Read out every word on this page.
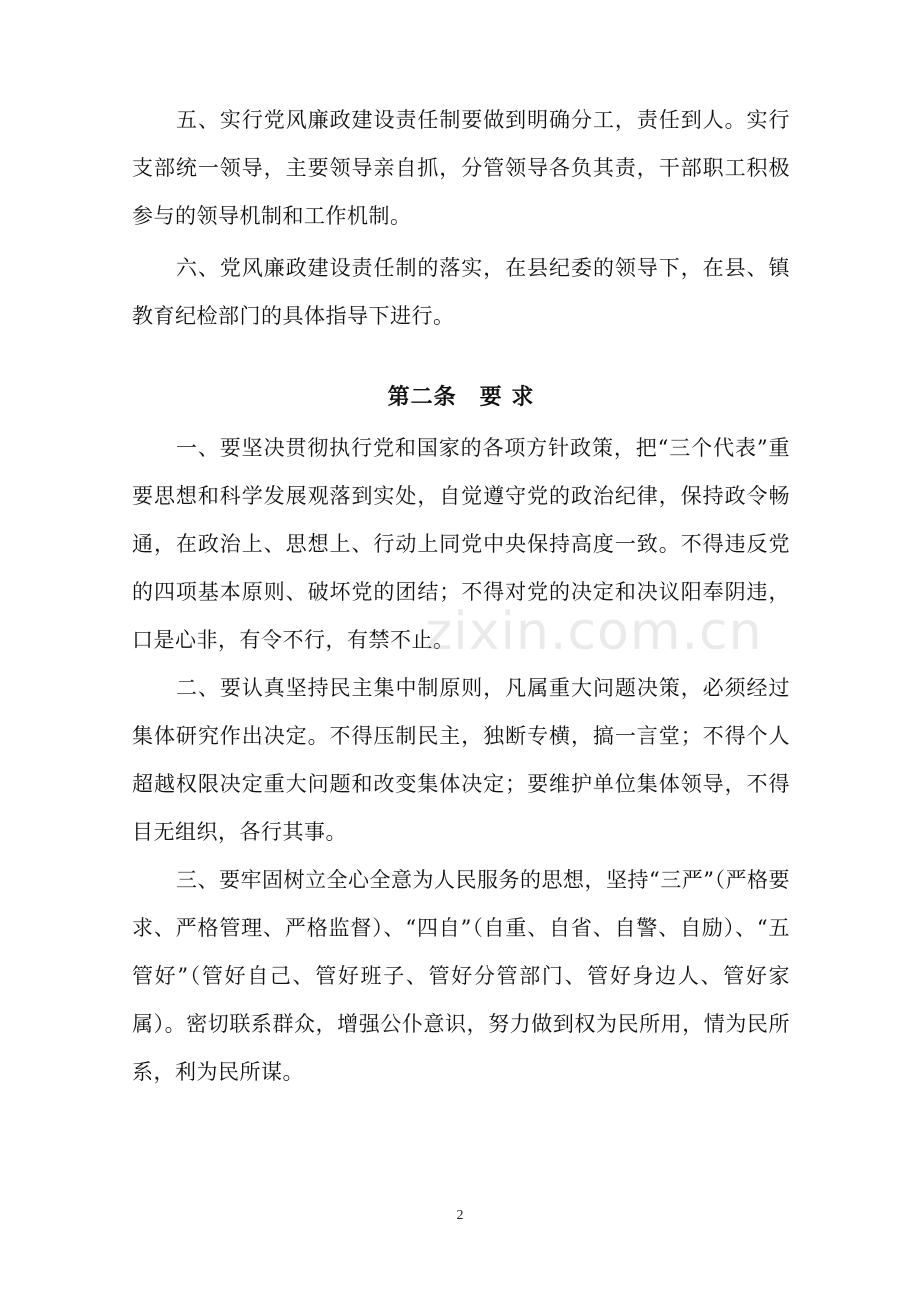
五、实行党风廉政建设责任制要做到明确分工，责任到人。实行支部统一领导，主要领导亲自抓，分管领导各负其责，干部职工积极参与的领导机制和工作机制。

六、党风廉政建设责任制的落实，在县纪委的领导下，在县、镇教育纪检部门的具体指导下进行。

第二条　要 求

一、要坚决贯彻执行党和国家的各项方针政策，把“三个代表”重要思想和科学发展观落到实处，自觉遵守党的政治纪律，保持政令畅通，在政治上、思想上、行动上同党中央保持高度一致。不得违反党的四项基本原则、破坏党的团结；不得对党的决定和决议阳奉阴违，口是心非，有令不行，有禁不止。

二、要认真坚持民主集中制原则，凡属重大问题决策，必须经过集体研究作出决定。不得压制民主，独断专横，搞一言堂；不得个人超越权限决定重大问题和改变集体决定；要维护单位集体领导，不得目无组织，各行其事。

三、要牢固树立全心全意为人民服务的思想，坚持“三严”（严格要求、严格管理、严格监督）、“四自”（自重、自省、自警、自励）、“五管好”（管好自己、管好班子、管好分管部门、管好身边人、管好家属）。密切联系群众，增强公仆意识，努力做到权为民所用，情为民所系，利为民所谋。

zixin.com.cn
2
